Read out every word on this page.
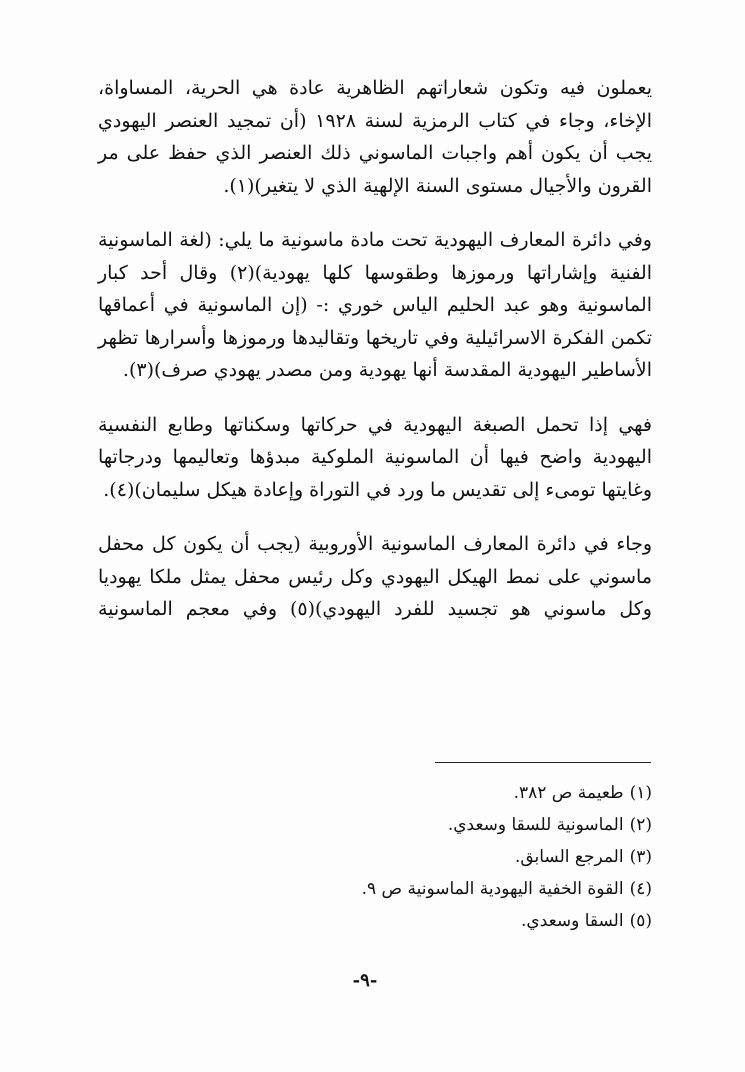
يعملون فيه وتكون شعاراتهم الظاهرية عادة هي الحرية، المساواة، الإخاء، وجاء في كتاب الرمزية لسنة ١٩٢٨ (أن تمجيد العنصر اليهودي يجب أن يكون أهم واجبات الماسوني ذلك العنصر الذي حفظ على مر القرون والأجيال مستوى السنة الإلهية الذي لا يتغير)(١).

وفي دائرة المعارف اليهودية تحت مادة ماسونية ما يلي: (لغة الماسونية الفنية وإشاراتها ورموزها وطقوسها كلها يهودية)(٢) وقال أحد كبار الماسونية وهو عبد الحليم الياس خوري :- (إن الماسونية في أعماقها تكمن الفكرة الاسرائيلية وفي تاريخها وتقاليدها ورموزها وأسرارها تظهر الأساطير اليهودية المقدسة أنها يهودية ومن مصدر يهودي صرف)(٣).

فهي إذا تحمل الصبغة اليهودية في حركاتها وسكناتها وطابع النفسية اليهودية واضح فيها أن الماسونية الملوكية مبدؤها وتعاليمها ودرجاتها وغايتها تومىء إلى تقديس ما ورد في التوراة وإعادة هيكل سليمان)(٤).

وجاء في دائرة المعارف الماسونية الأوروبية (يجب أن يكون كل محفل ماسوني على نمط الهيكل اليهودي وكل رئيس محفل يمثل ملكا يهوديا وكل ماسوني هو تجسيد للفرد اليهودي)(٥) وفي معجم الماسونية

(١)طعيمة ص ٣٨٢.
(٢)الماسونية للسقا وسعدي.
(٣)المرجع السابق.
(٤)القوة الخفية اليهودية الماسونية ص ٩.
(٥)السقا وسعدي.
-٩-
